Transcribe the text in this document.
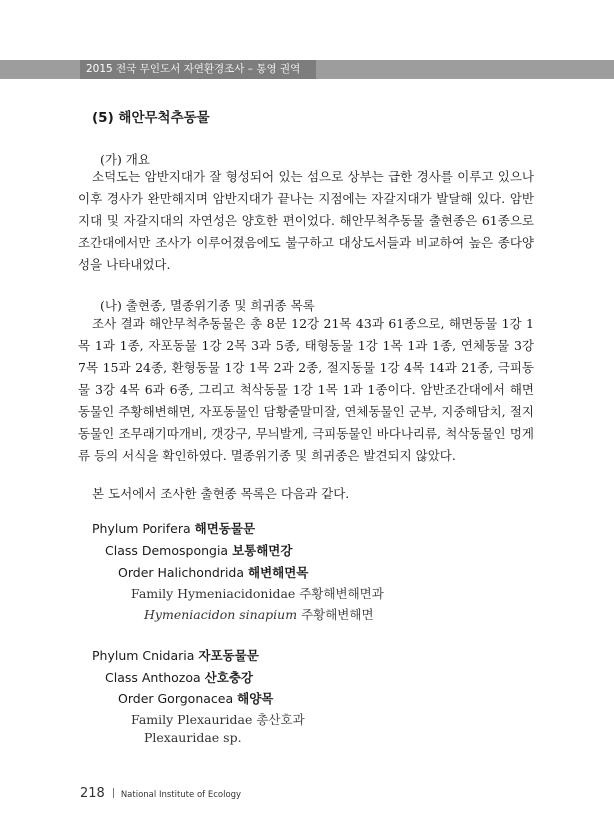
2015 전국 무인도서 자연환경조사 – 통영 권역
(5) 해안무척추동물
(가) 개요

소덕도는 암반지대가 잘 형성되어 있는 섬으로 상부는 급한 경사를 이루고 있으나 이후 경사가 완만해지며 암반지대가 끝나는 지점에는 자갈지대가 발달해 있다. 암반지대 및 자갈지대의 자연성은 양호한 편이었다. 해안무척추동물 출현종은 61종으로 조간대에서만 조사가 이루어졌음에도 불구하고 대상도서들과 비교하여 높은 종다양성을 나타내었다.

(나) 출현종, 멸종위기종 및 희귀종 목록

조사 결과 해안무척추동물은 총 8문 12강 21목 43과 61종으로, 해면동물 1강 1목 1과 1종, 자포동물 1강 2목 3과 5종, 태형동물 1강 1목 1과 1종, 연체동물 3강 7목 15과 24종, 환형동물 1강 1목 2과 2종, 절지동물 1강 4목 14과 21종, 극피동물 3강 4목 6과 6종, 그리고 척삭동물 1강 1목 1과 1종이다. 암반조간대에서 해면동물인 주황해변해면, 자포동물인 담황줄말미잘, 연체동물인 군부, 지중해담치, 절지동물인 조무래기따개비, 갯강구, 무늬발게, 극피동물인 바다나리류, 척삭동물인 멍게류 등의 서식을 확인하였다. 멸종위기종 및 희귀종은 발견되지 않았다.

본 도서에서 조사한 출현종 목록은 다음과 같다.
Phylum Porifera 해면동물문
Class Demospongia 보통해면강
Order Halichondrida 해변해면목
Family Hymeniacidonidae 주황해변해면과
Hymeniacidon sinapium 주황해변해면
Phylum Cnidaria 자포동물문
Class Anthozoa 산호충강
Order Gorgonacea 해양목
Family Plexauridae 총산호과
Plexauridae sp.
218 National Institute of Ecology
